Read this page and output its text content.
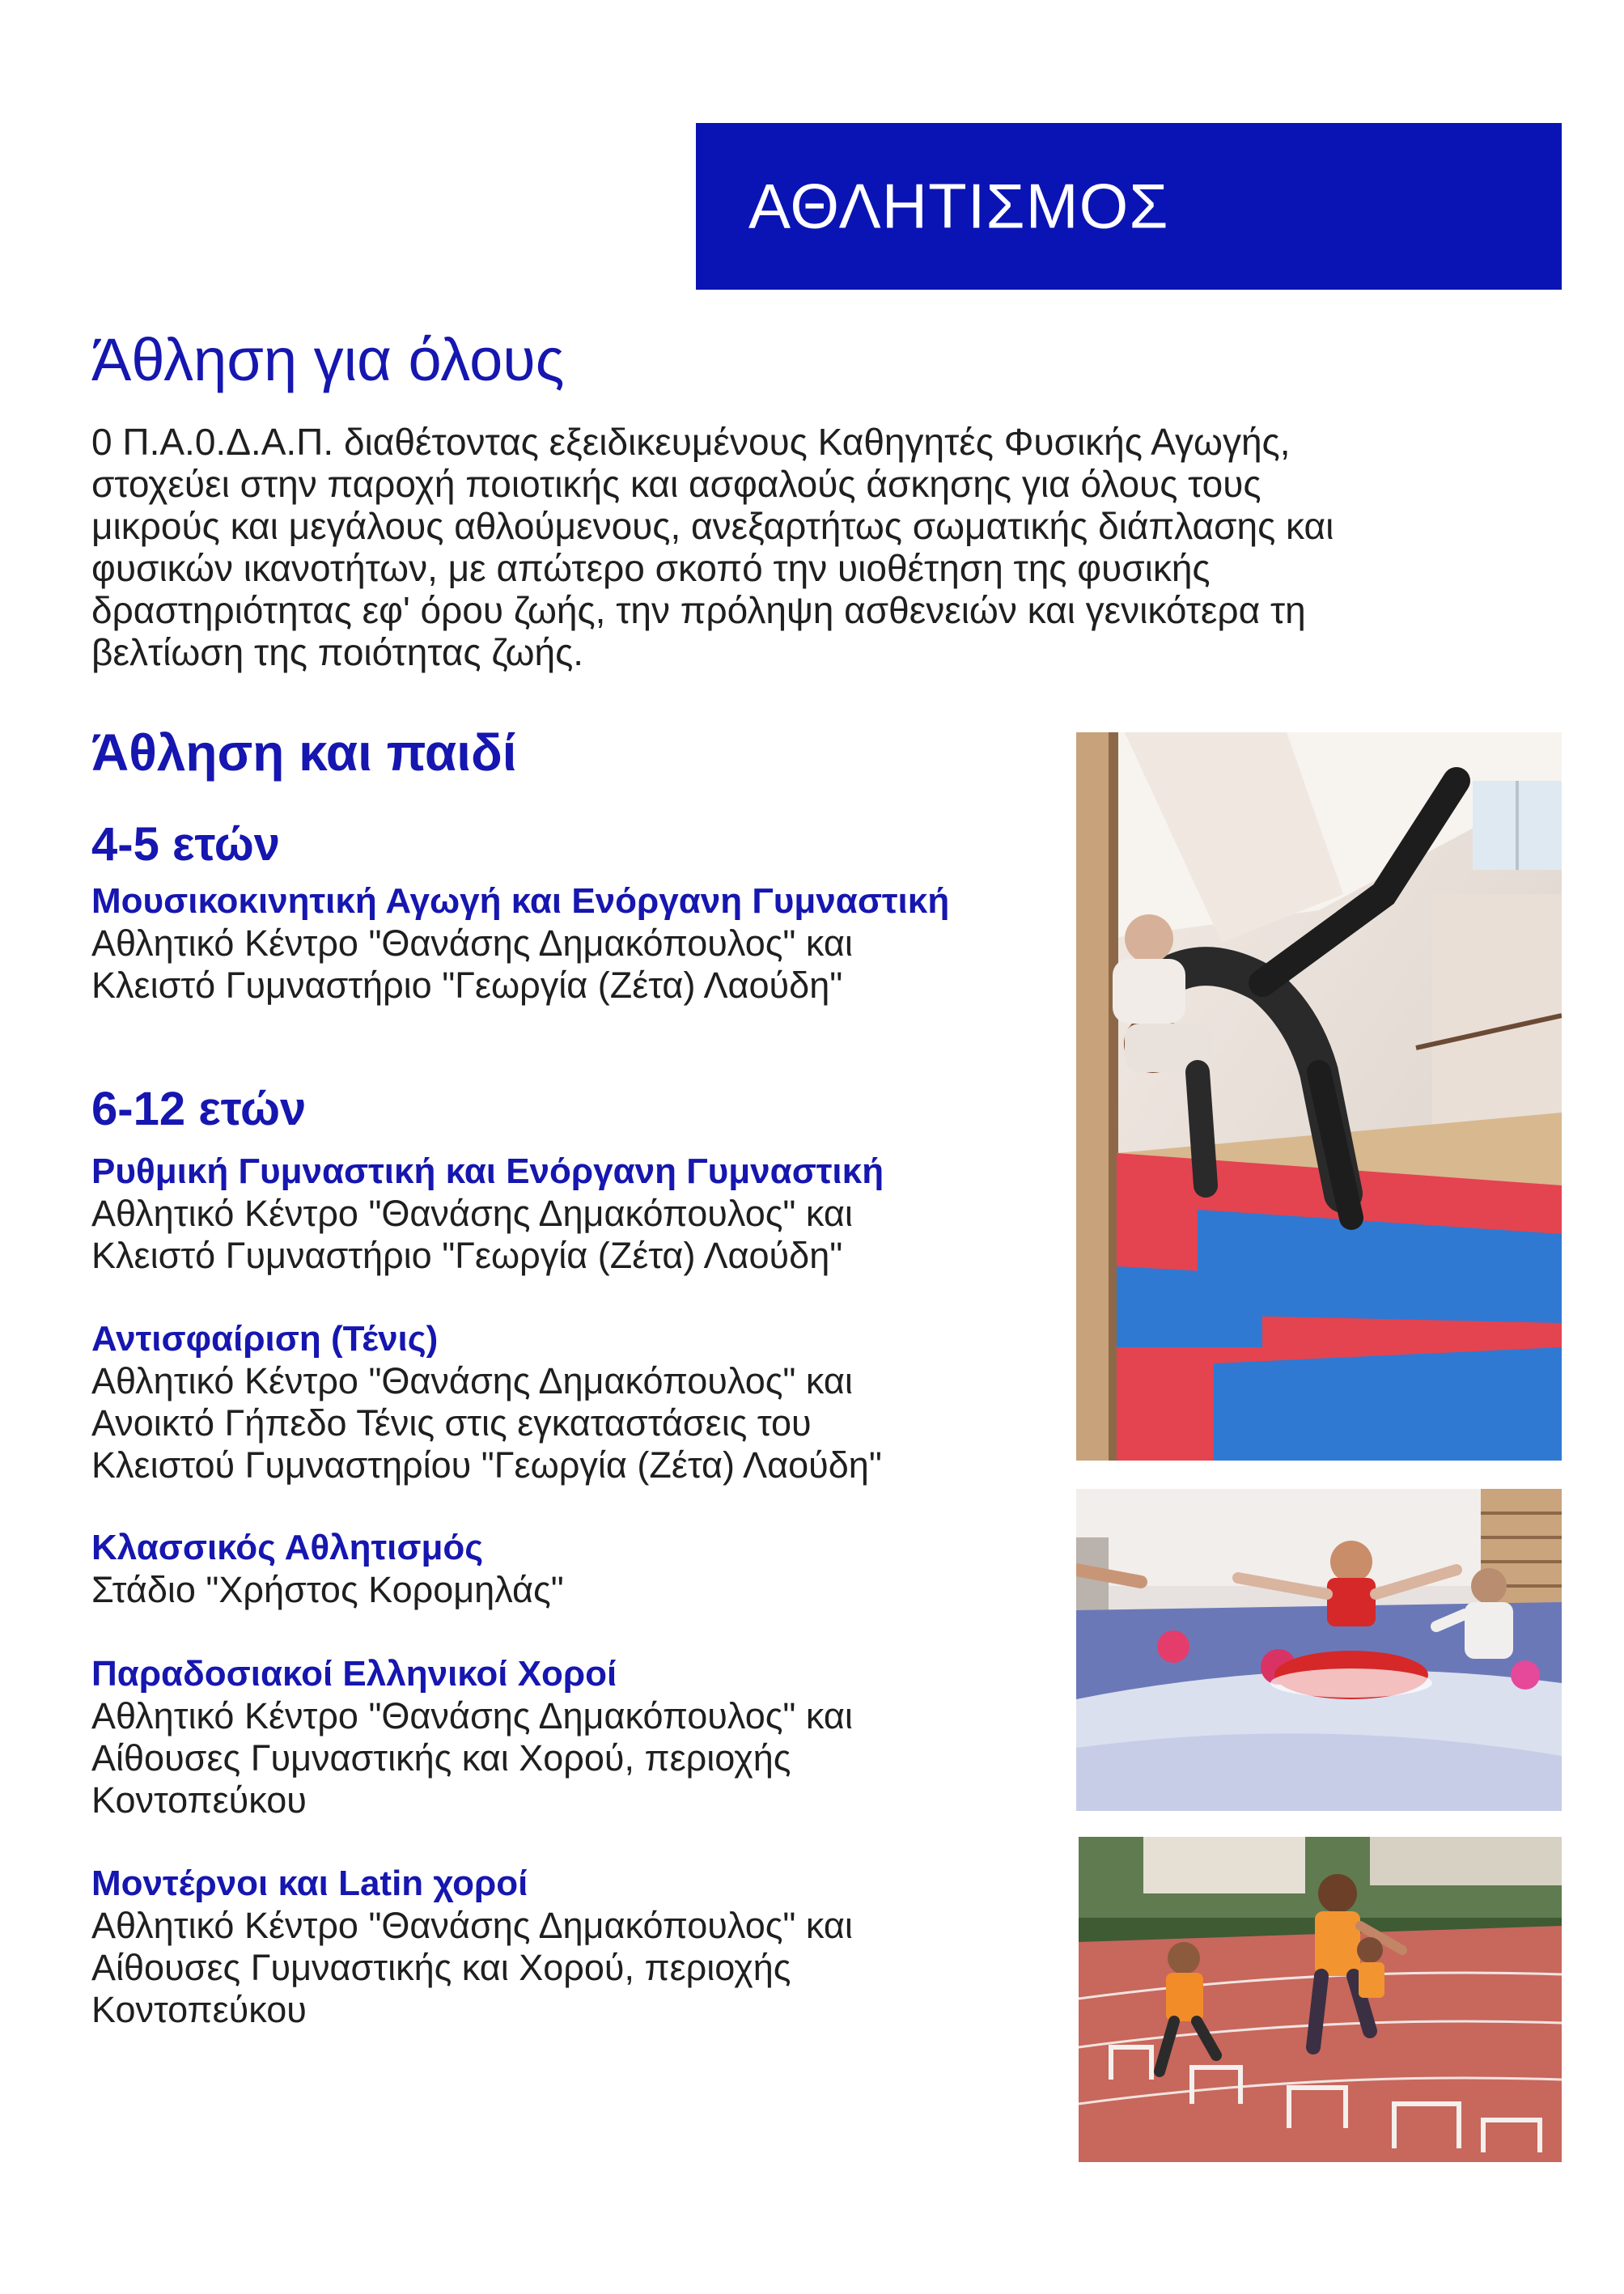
ΑΘΛΗΤΙΣΜΟΣ
Άθληση για όλους
0 Π.Α.0.Δ.Α.Π. διαθέτοντας εξειδικευμένους Καθηγητές Φυσικής Αγωγής,
στοχεύει στην παροχή ποιοτικής και ασφαλούς άσκησης για όλους τους
μικρούς και μεγάλους αθλούμενους, ανεξαρτήτως σωματικής διάπλασης και
φυσικών ικανοτήτων, με απώτερο σκοπό την υιοθέτηση της φυσικής
δραστηριότητας εφ' όρου ζωής, την πρόληψη ασθενειών και γενικότερα τη
βελτίωση της ποιότητας ζωής.
Άθληση και παιδί
4-5 ετών
Μουσικοκινητική Αγωγή και Ενόργανη Γυμναστική
Αθλητικό Κέντρο "Θανάσης Δημακόπουλος" και
Κλειστό Γυμναστήριο "Γεωργία (Ζέτα) Λαούδη"
6-12 ετών
Ρυθμική Γυμναστική και Ενόργανη Γυμναστική
Αθλητικό Κέντρο "Θανάσης Δημακόπουλος" και
Κλειστό Γυμναστήριο "Γεωργία (Ζέτα) Λαούδη"
Αντισφαίριση (Τένις)
Αθλητικό Κέντρο "Θανάσης Δημακόπουλος" και
Ανοικτό Γήπεδο Τένις στις εγκαταστάσεις του
Κλειστού Γυμναστηρίου "Γεωργία (Ζέτα) Λαούδη"
Κλασσικός Αθλητισμός
Στάδιο "Χρήστος Κορομηλάς"
Παραδοσιακοί Ελληνικοί Χοροί
Αθλητικό Κέντρο "Θανάσης Δημακόπουλος" και
Αίθουσες Γυμναστικής και Χορού, περιοχής
Κοντοπεύκου
Μοντέρνοι και Latin χοροί
Αθλητικό Κέντρο "Θανάσης Δημακόπουλος" και
Αίθουσες Γυμναστικής και Χορού, περιοχής
Κοντοπεύκου
